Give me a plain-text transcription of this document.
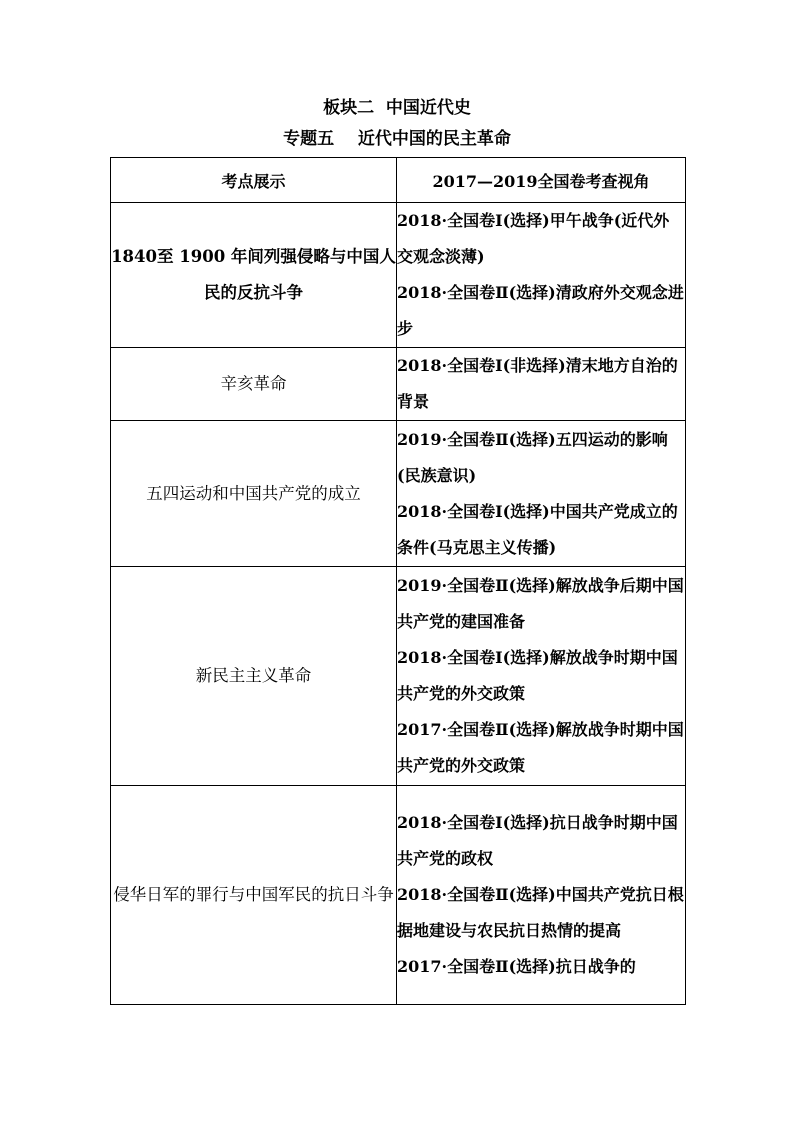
板块二  中国近代史
专题五    近代中国的民主革命
考点展示	2017—2019全国卷考查视角
1840至 1900 年间列强侵略与中国人民的反抗斗争	2018·全国卷Ⅰ(选择)甲午战争(近代外交观念淡薄)
2018·全国卷Ⅱ(选择)清政府外交观念进步

辛亥革命	2018·全国卷Ⅰ(非选择)清末地方自治的背景

五四运动和中国共产党的成立	2019·全国卷Ⅱ(选择)五四运动的影响(民族意识)
2018·全国卷Ⅰ(选择)中国共产党成立的条件(马克思主义传播)

新民主主义革命	2019·全国卷Ⅱ(选择)解放战争后期中国共产党的建国准备
2018·全国卷Ⅰ(选择)解放战争时期中国共产党的外交政策
2017·全国卷Ⅱ(选择)解放战争时期中国共产党的外交政策

侵华日军的罪行与中国军民的抗日斗争	2018·全国卷Ⅰ(选择)抗日战争时期中国共产党的政权
2018·全国卷Ⅱ(选择)中国共产党抗日根据地建设与农民抗日热情的提高
2017·全国卷Ⅱ(选择)抗日战争的
